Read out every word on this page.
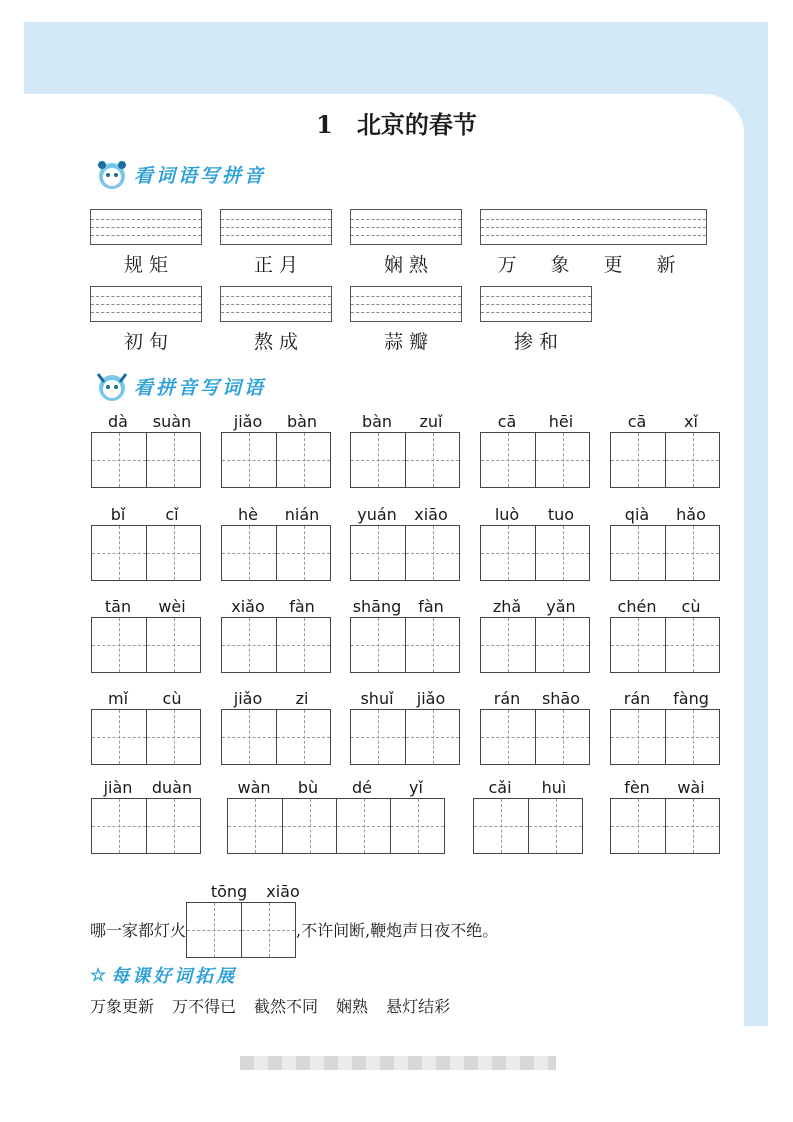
1　北京的春节
看词语写拼音
规 矩	正 月	娴 熟	万 象 更 新
初 旬	熬 成	蒜 瓣	掺 和
看拼音写词语
dà	suàn	jiǎo	bàn	bàn	zuǐ	cā	hēi	cā	xǐ
bǐ	cǐ	hè	nián	yuán	xiāo	luò	tuo	qià	hǎo
tān	wèi	xiǎo	fàn	shāng	fàn	zhǎ	yǎn	chén	cù
mǐ	cù	jiǎo	zi	shuǐ	jiǎo	rán	shāo	rán	fàng
jiàn	duàn	wàn	bù	dé	yǐ	cǎi	huì	fèn	wài
tōng	xiāo
哪一家都灯火	,不许间断,鞭炮声日夜不绝。
☆ 每课好词拓展
万象更新 万不得已 截然不同 娴熟 悬灯结彩
